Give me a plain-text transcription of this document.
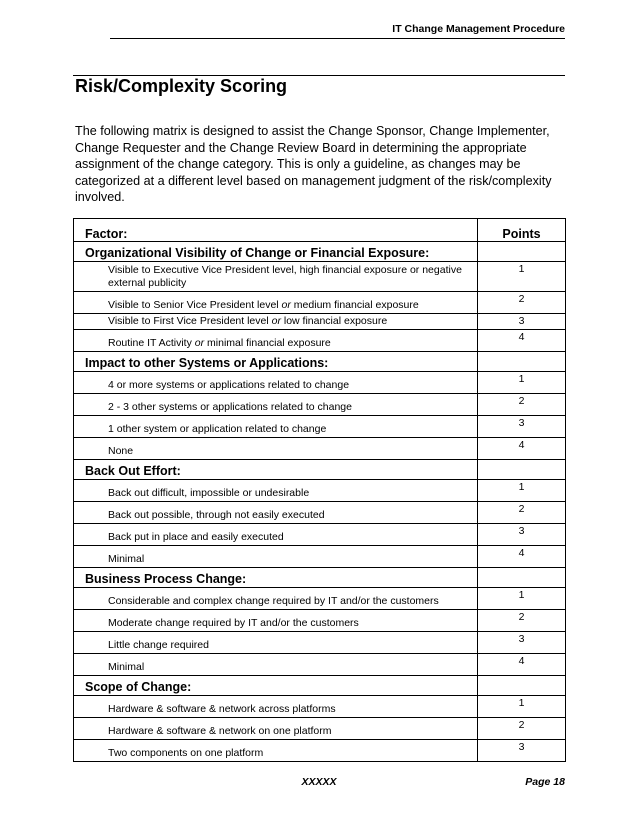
IT Change Management Procedure
Risk/Complexity Scoring
The following matrix is designed to assist the Change Sponsor, Change Implementer, Change Requester and the Change Review Board in determining the appropriate assignment of the change category. This is only a guideline, as changes may be categorized at a different level based on management judgment of the risk/complexity involved.
Factor:	Points
Organizational Visibility of Change or Financial Exposure:	
Visible to Executive Vice President level, high financial exposure or negative external publicity	1
Visible to Senior Vice President level or medium financial exposure	2
Visible to First Vice President level or low financial exposure	3
Routine IT Activity or minimal financial exposure	4
Impact to other Systems or Applications:	
4 or more systems or applications related to change	1
2 - 3 other systems or applications related to change	2
1 other system or application related to change	3
None	4
Back Out Effort:	
Back out difficult, impossible or undesirable	1
Back out possible, through not easily executed	2
Back put in place and easily executed	3
Minimal	4
Business Process Change:	
Considerable and complex change required by IT and/or the customers	1
Moderate change required by IT and/or the customers	2
Little change required	3
Minimal	4
Scope of Change:	
Hardware & software & network across platforms	1
Hardware & software & network on one platform	2
Two components on one platform	3
XXXXX	Page 18
